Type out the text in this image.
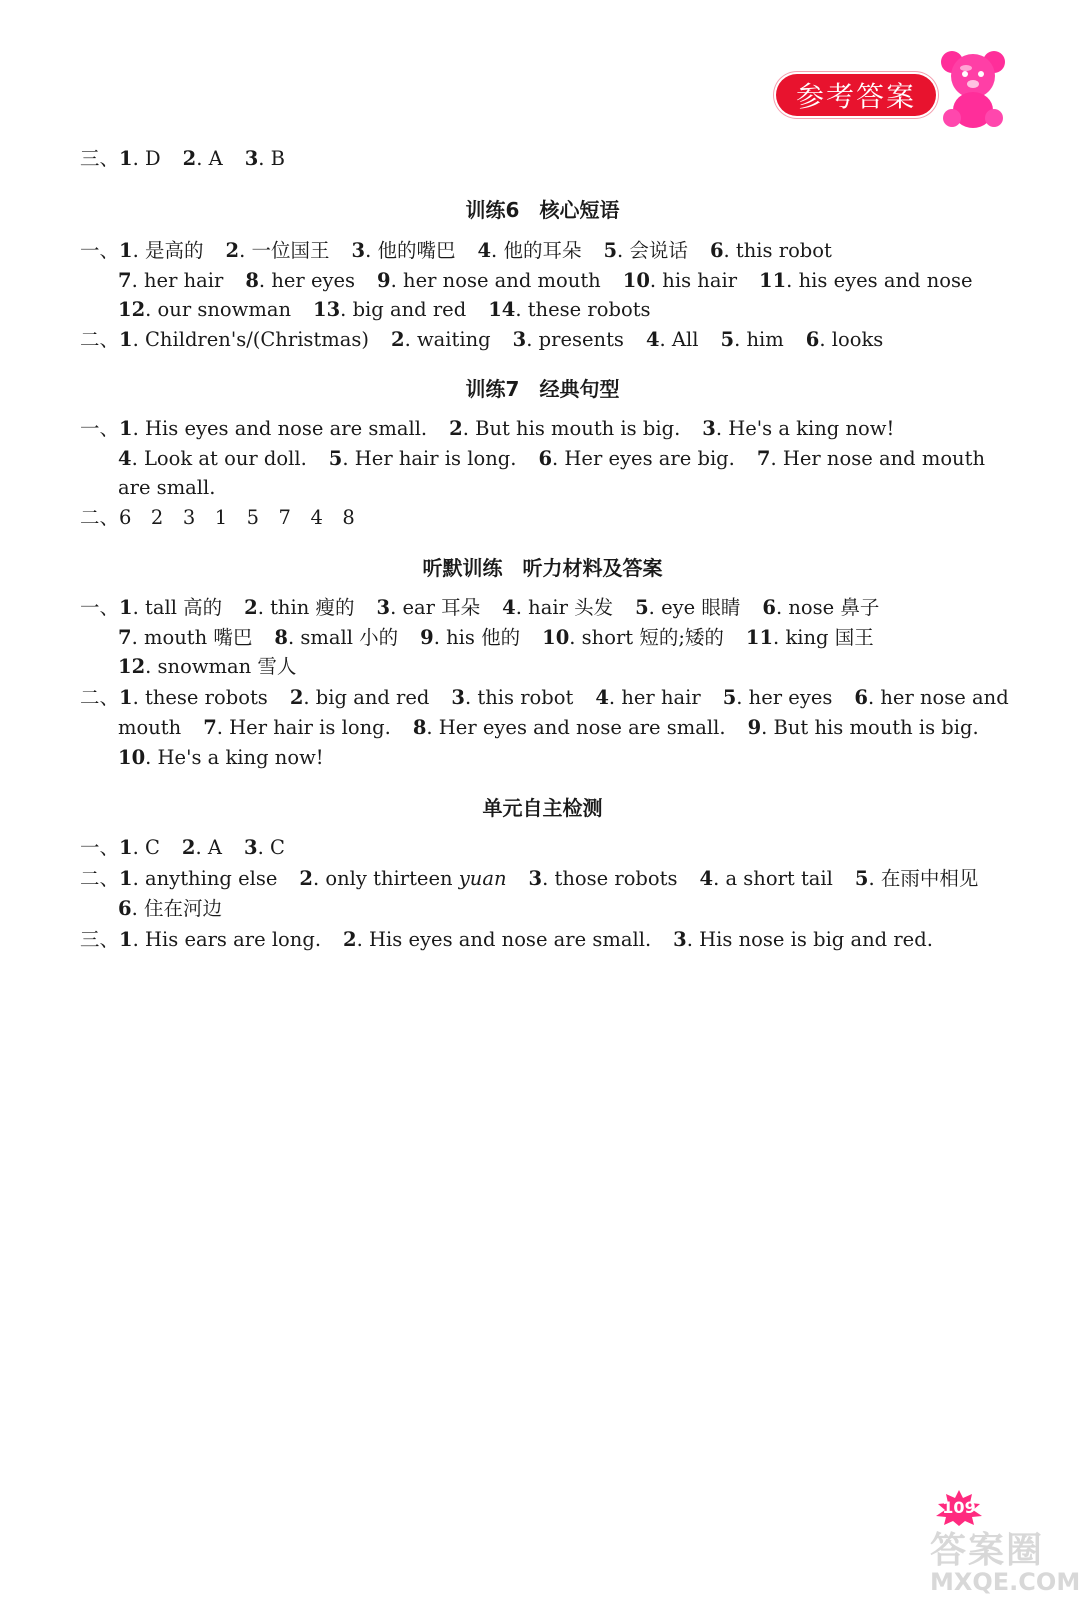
参考答案
三、1. D 2. A 3. B
训练6　核心短语
一、1. 是高的 2. 一位国王 3. 他的嘴巴 4. 他的耳朵 5. 会说话 6. this robot
7. her hair 8. her eyes 9. her nose and mouth 10. his hair 11. his eyes and nose
12. our snowman 13. big and red 14. these robots
二、1. Children's/(Christmas) 2. waiting 3. presents 4. All 5. him 6. looks
训练7　经典句型
一、1. His eyes and nose are small. 2. But his mouth is big. 3. He's a king now!
4. Look at our doll. 5. Her hair is long. 6. Her eyes are big. 7. Her nose and mouth
are small.
二、6　2　3　1　5　7　4　8
听默训练　听力材料及答案
一、1. tall 高的 2. thin 瘦的 3. ear 耳朵 4. hair 头发 5. eye 眼睛 6. nose 鼻子
7. mouth 嘴巴 8. small 小的 9. his 他的 10. short 短的;矮的 11. king 国王
12. snowman 雪人
二、1. these robots 2. big and red 3. this robot 4. her hair 5. her eyes 6. her nose and
mouth 7. Her hair is long. 8. Her eyes and nose are small. 9. But his mouth is big.
10. He's a king now!
单元自主检测
一、1. C 2. A 3. C
二、1. anything else 2. only thirteen yuan 3. those robots 4. a short tail 5. 在雨中相见
6. 住在河边
三、1. His ears are long. 2. His eyes and nose are small. 3. His nose is big and red.
109
答案圈
MXQE.COM
